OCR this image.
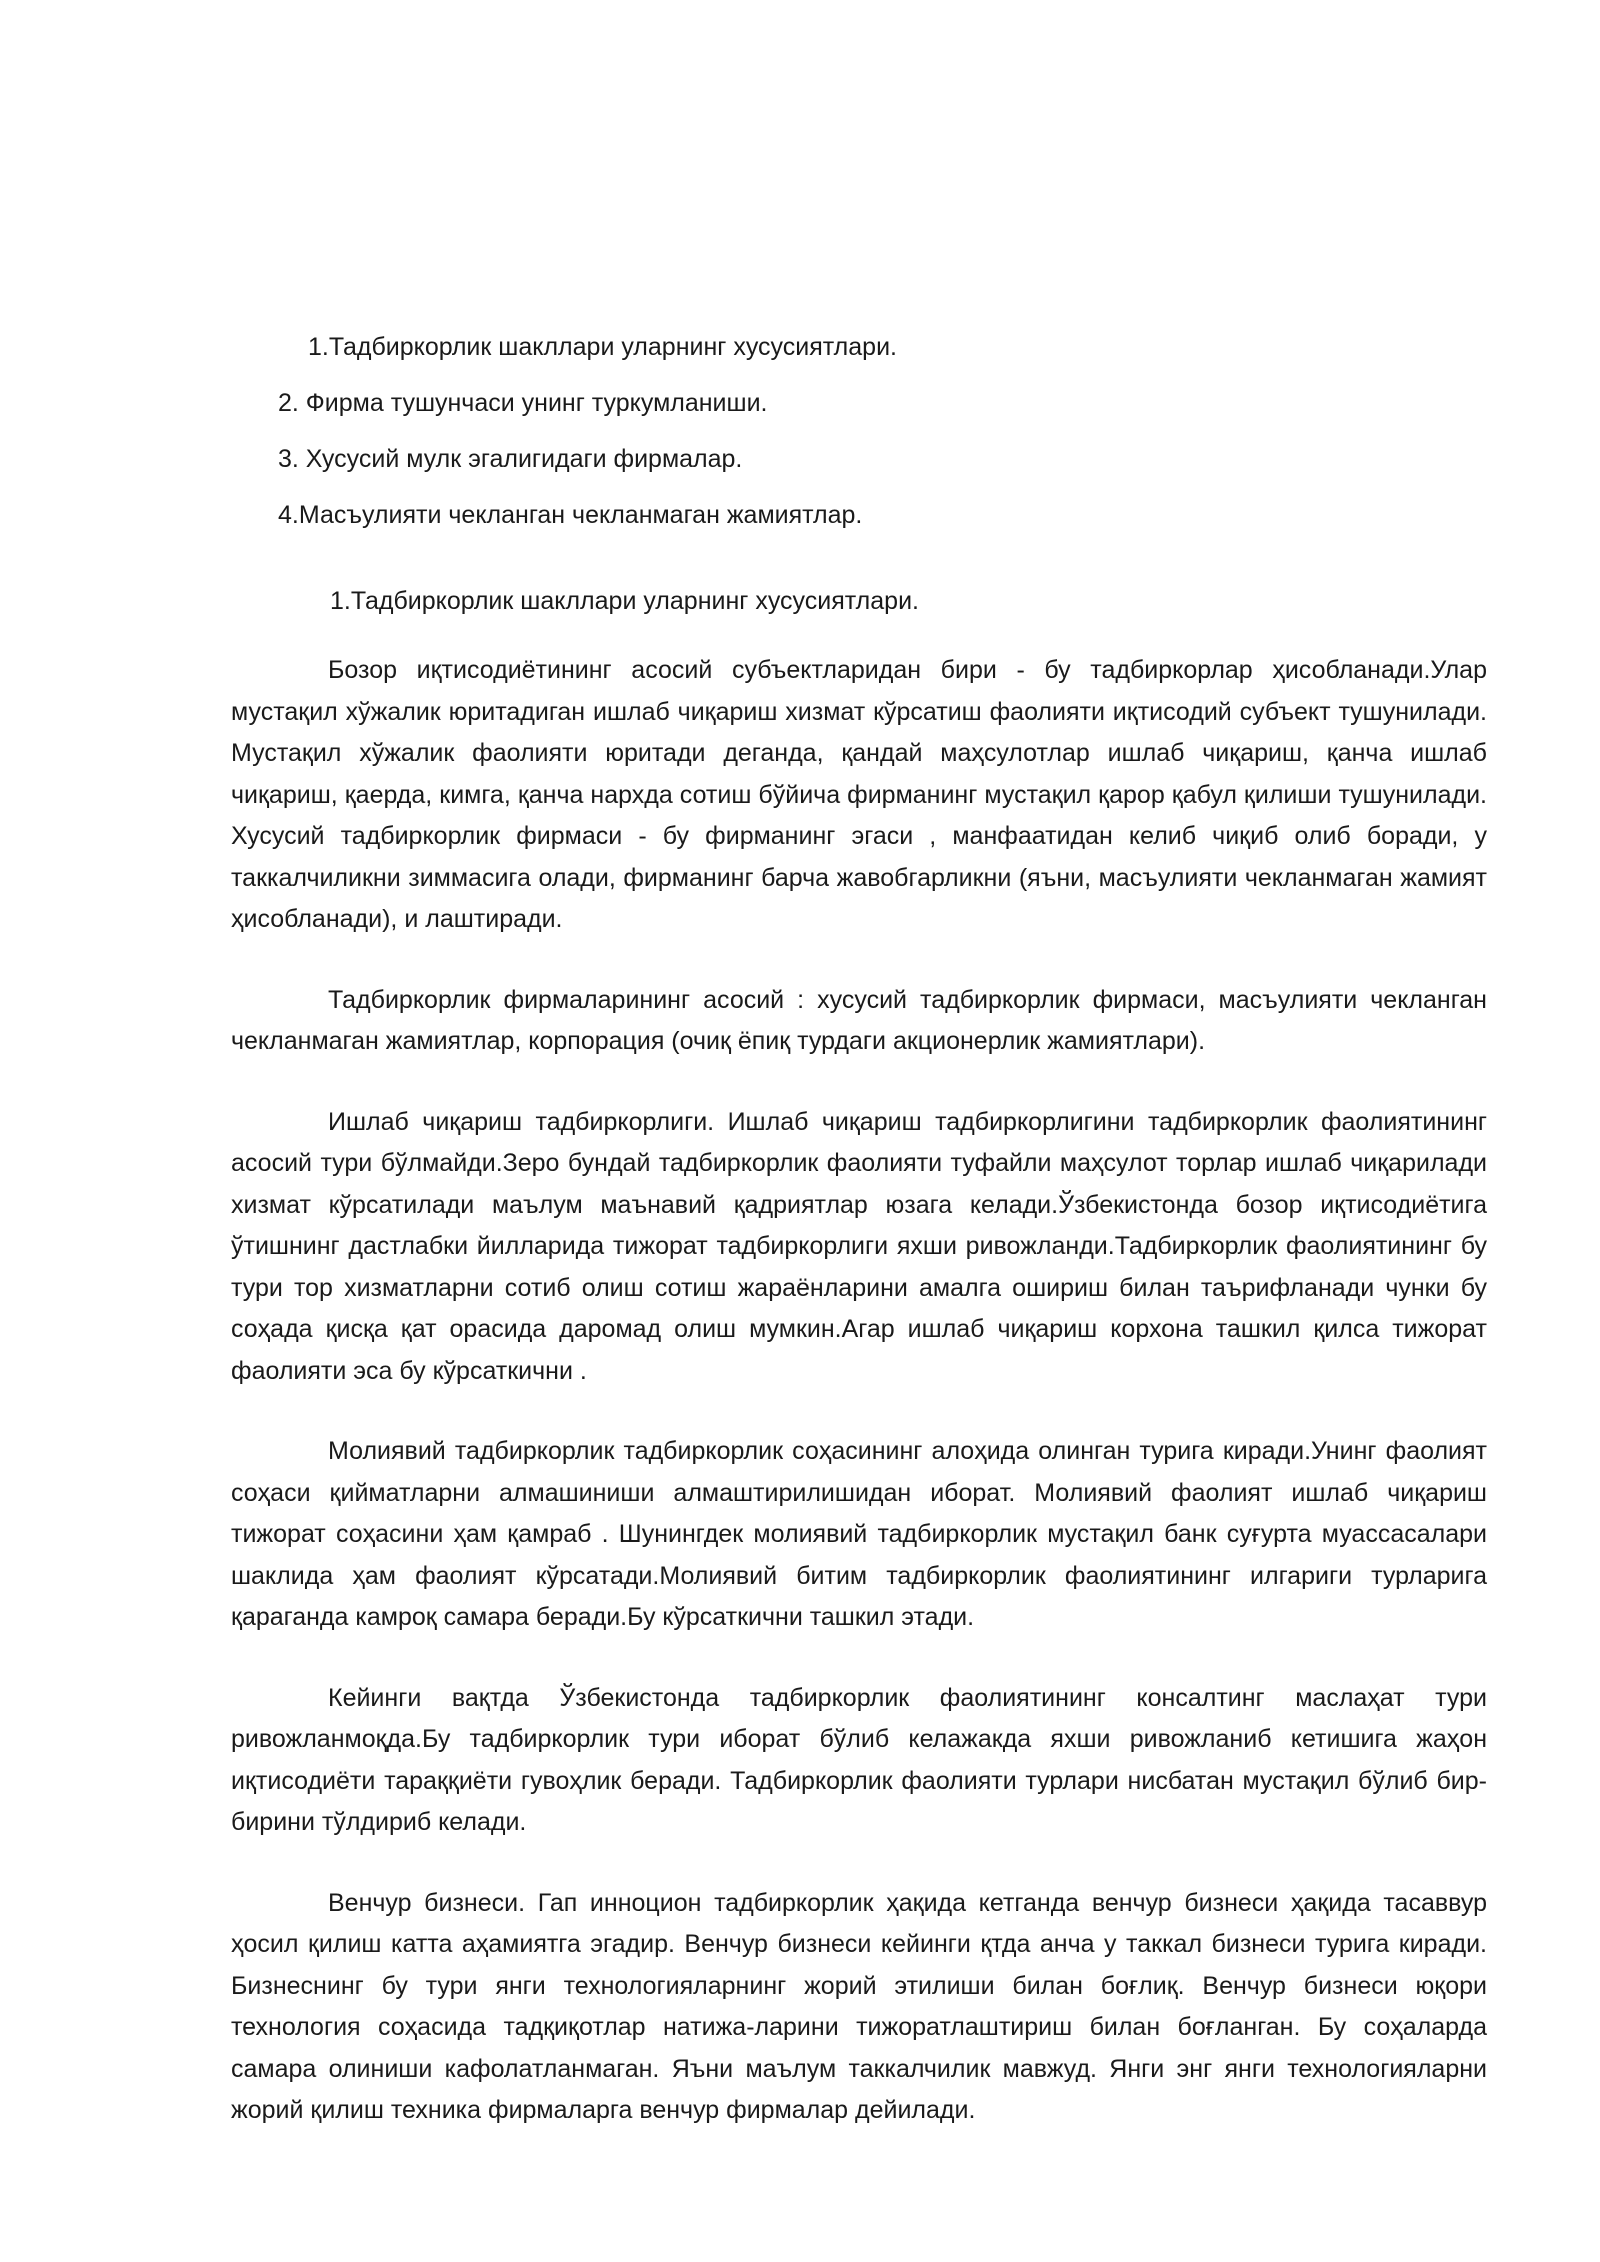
1.Тадбиркорлик шакллари уларнинг хусусиятлари.
2. Фирма тушунчаси унинг туркумланиши.
3. Хусусий мулк эгалигидаги фирмалар.
4.Масъулияти чекланган чекланмаган жамиятлар.
1.Тадбиркорлик шакллари уларнинг хусусиятлари.

Бозор иқтисодиётининг асосий субъектларидан бири - бу тадбиркорлар ҳисобланади.Улар мустақил хўжалик юритадиган ишлаб чиқариш хизмат кўрсатиш фаолияти иқтисодий субъект тушунилади. Мустақил хўжалик фаолияти юритади деганда, қандай маҳсулотлар ишлаб чиқариш, қанча ишлаб чиқариш, қаерда, кимга, қанча нархда сотиш бўйича фирманинг мустақил қарор қабул қилиши тушунилади. Хусусий тадбиркорлик фирмаси - бу фирманинг эгаси , манфаатидан келиб чиқиб олиб боради, у таккалчиликни зиммасига олади, фирманинг барча жавобгарликни (яъни, масъулияти чекланмаган жамият ҳисобланади), и лаштиради.

Тадбиркорлик фирмаларининг асосий : хусусий тадбиркорлик фирмаси, масъулияти чекланган чекланмаган жамиятлар, корпорация (очиқ ёпиқ турдаги акционерлик жамиятлари).

Ишлаб чиқариш тадбиркорлиги. Ишлаб чиқариш тадбиркорлигини тадбиркорлик фаолиятининг асосий тури бўлмайди.Зеро бундай тадбиркорлик фаолияти туфайли маҳсулот торлар ишлаб чиқарилади хизмат кўрсатилади маълум маънавий қадриятлар юзага келади.Ўзбекистонда бозор иқтисодиётига ўтишнинг дастлабки йилларида тижорат тадбиркорлиги яхши ривожланди.Тадбиркорлик фаолиятининг бу тури тор хизматларни сотиб олиш сотиш жараёнларини амалга ошириш билан таърифланади чунки бу соҳада қисқа қат орасида даромад олиш мумкин.Агар ишлаб чиқариш корхона ташкил қилса тижорат фаолияти эса бу кўрсаткични .

Молиявий тадбиркорлик тадбиркорлик соҳасининг алоҳида олинган турига киради.Унинг фаолият соҳаси қийматларни алмашиниши алмаштирилишидан иборат. Молиявий фаолият ишлаб чиқариш тижорат соҳасини ҳам қамраб . Шунингдек молиявий тадбиркорлик мустақил банк суғурта муассасалари шаклида ҳам фаолият кўрсатади.Молиявий битим тадбиркорлик фаолиятининг илгариги турларига қараганда камроқ самара беради.Бу кўрсаткични ташкил этади.

Кейинги вақтда Ўзбекистонда тадбиркорлик фаолиятининг консалтинг маслаҳат тури ривожланмоқда.Бу тадбиркорлик тури иборат бўлиб келажакда яхши ривожланиб кетишига жаҳон иқтисодиёти тараққиёти гувоҳлик беради. Тадбиркорлик фаолияти турлари нисбатан мустақил бўлиб бир-бирини тўлдириб келади.

Венчур бизнеси. Гап инноцион тадбиркорлик ҳақида кетганда венчур бизнеси ҳақида тасаввур ҳосил қилиш катта аҳамиятга эгадир. Венчур бизнеси кейинги қтда анча у таккал бизнеси турига киради. Бизнеснинг бу тури янги технологияларнинг жорий этилиши билан боғлиқ. Венчур бизнеси юқори технология соҳасида тадқиқотлар натижа-ларини тижоратлаштириш билан боғланган. Бу соҳаларда самара олиниши кафолатланмаган. Яъни маълум таккалчилик мавжуд. Янги энг янги технологияларни жорий қилиш техника фирмаларга венчур фирмалар дейилади.
